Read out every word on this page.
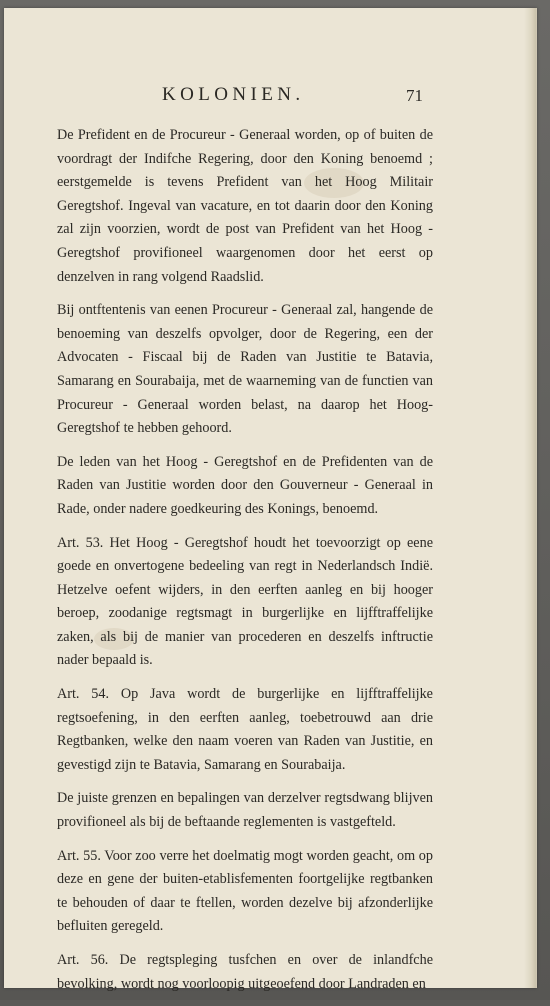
KOLONIEN.	71

De Prefident en de Procureur - Generaal worden, op of buiten de voordragt der Indifche Regering, door den Koning benoemd ; eerstgemelde is tevens Prefident van het Hoog Militair Geregtshof. Ingeval van vacature, en tot daarin door den Koning zal zijn voorzien, wordt de post van Prefident van het Hoog - Geregtshof provifioneel waargenomen door het eerst op denzelven in rang volgend Raadslid.

Bij ontftentenis van eenen Procureur - Generaal zal, hangende de benoeming van deszelfs opvolger, door de Regering, een der Advocaten - Fiscaal bij de Raden van Justitie te Batavia, Samarang en Sourabaija, met de waarneming van de functien van Procureur - Generaal worden belast, na daarop het Hoog-Geregtshof te hebben gehoord.

De leden van het Hoog - Geregtshof en de Prefidenten van de Raden van Justitie worden door den Gouverneur - Generaal in Rade, onder nadere goedkeuring des Konings, benoemd.

Art. 53. Het Hoog - Geregtshof houdt het toevoorzigt op eene goede en onvertogene bedeeling van regt in Nederlandsch Indië. Hetzelve oefent wijders, in den eerften aanleg en bij hooger beroep, zoodanige regtsmagt in burgerlijke en lijfftraffelijke zaken, als bij de manier van procederen en deszelfs inftructie nader bepaald is.

Art. 54. Op Java wordt de burgerlijke en lijfftraffelijke regtsoefening, in den eerften aanleg, toebetrouwd aan drie Regtbanken, welke den naam voeren van Raden van Justitie, en gevestigd zijn te Batavia, Samarang en Sourabaija.

De juiste grenzen en bepalingen van derzelver regtsdwang blijven provifioneel als bij de beftaande reglementen is vastgefteld.

Art. 55. Voor zoo verre het doelmatig mogt worden geacht, om op deze en gene der buiten-etablisfementen foortgelijke regtbanken te behouden of daar te ftellen, worden dezelve bij afzonderlijke befluiten geregeld.

Art. 56. De regtspleging tusfchen en over de inlandfche bevolking, wordt nog voorloopig uitgeoefend door Landraden en
